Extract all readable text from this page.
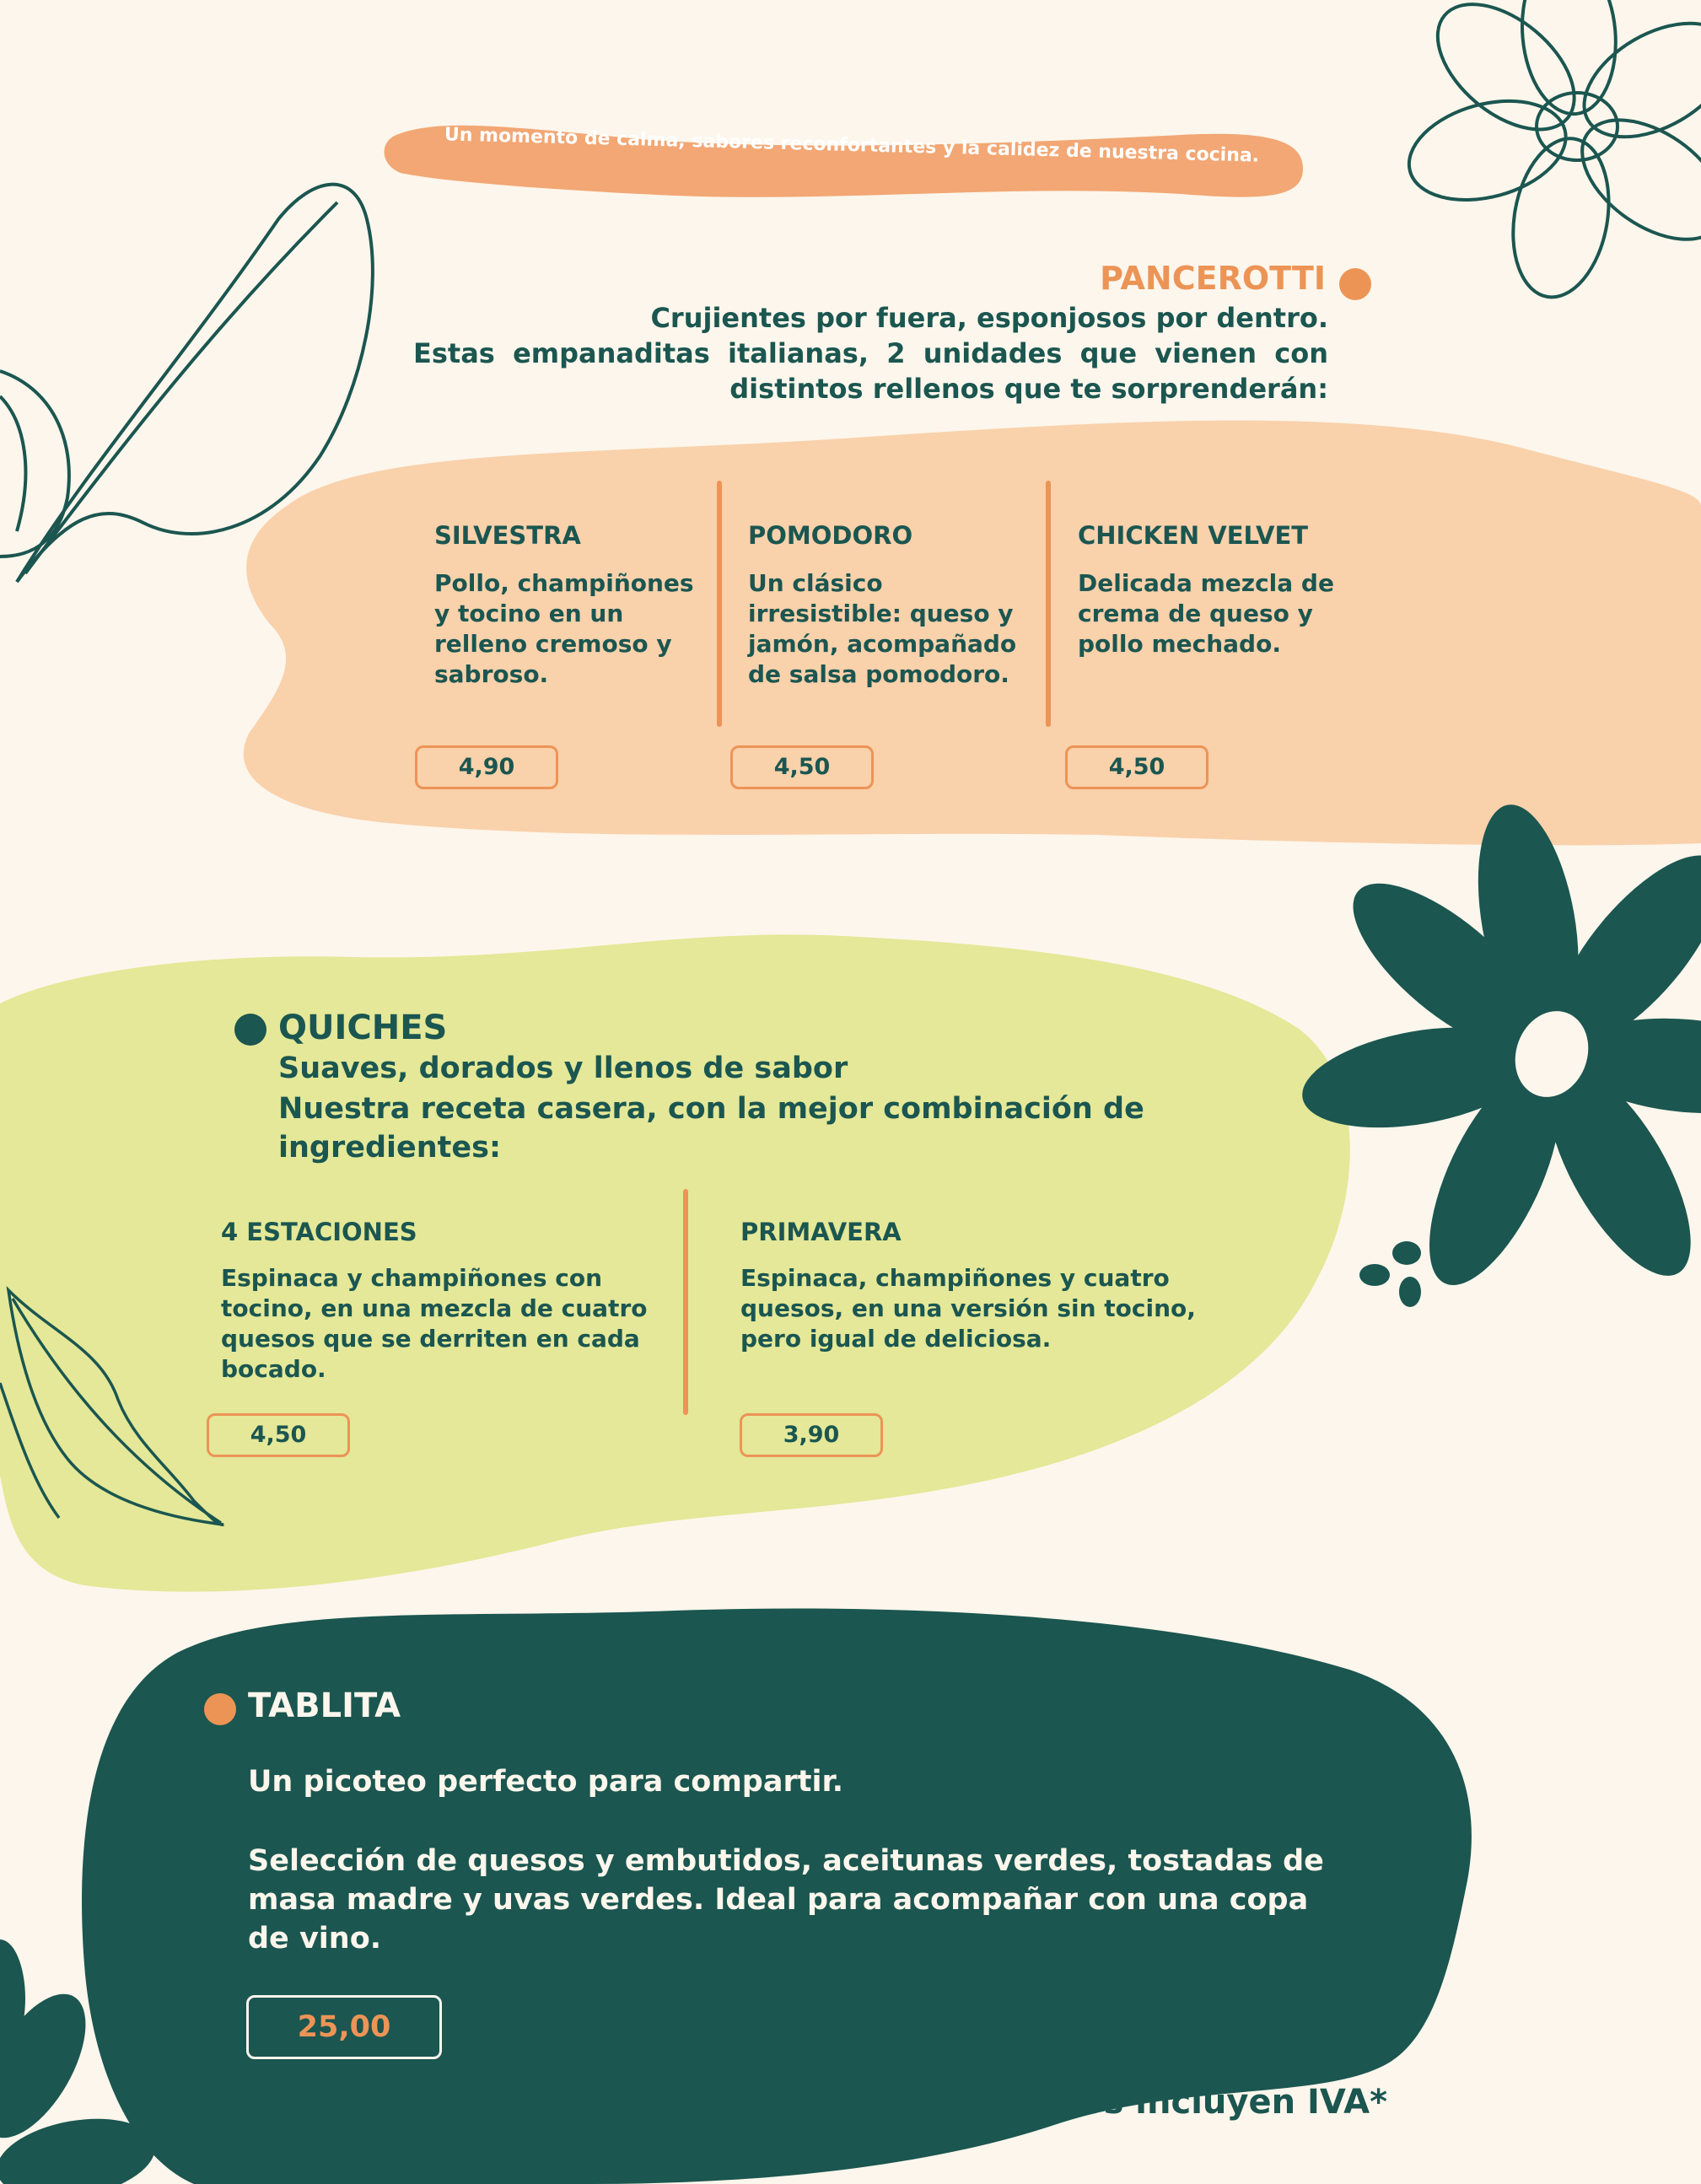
Un momento de calma, sabores reconfortantes y la calidez de nuestra cocina.
PANCEROTTI
Crujientes por fuera, esponjosos por dentro.
Estas empanaditas italianas, 2 unidades que vienen con distintos rellenos que te sorprenderán:
SILVESTRA
Pollo, champiñones y tocino en un relleno cremoso y sabroso.
4,90
POMODORO
Un clásico irresistible: queso y jamón, acompañado de salsa pomodoro.
4,50
CHICKEN VELVET
Delicada mezcla de crema de queso y pollo mechado.
4,50
QUICHES
Suaves, dorados y llenos de sabor
Nuestra receta casera, con la mejor combinación de ingredientes:
4 ESTACIONES
Espinaca y champiñones con tocino, en una mezcla de cuatro quesos que se derriten en cada bocado.
4,50
PRIMAVERA
Espinaca, champiñones y cuatro quesos, en una versión sin tocino, pero igual de deliciosa.
3,90
TABLITA
Un picoteo perfecto para compartir.
Selección de quesos y embutidos, aceitunas verdes, tostadas de masa madre y uvas verdes. Ideal para acompañar con una copa de vino.
25,00
Precios incluyen IVA*
